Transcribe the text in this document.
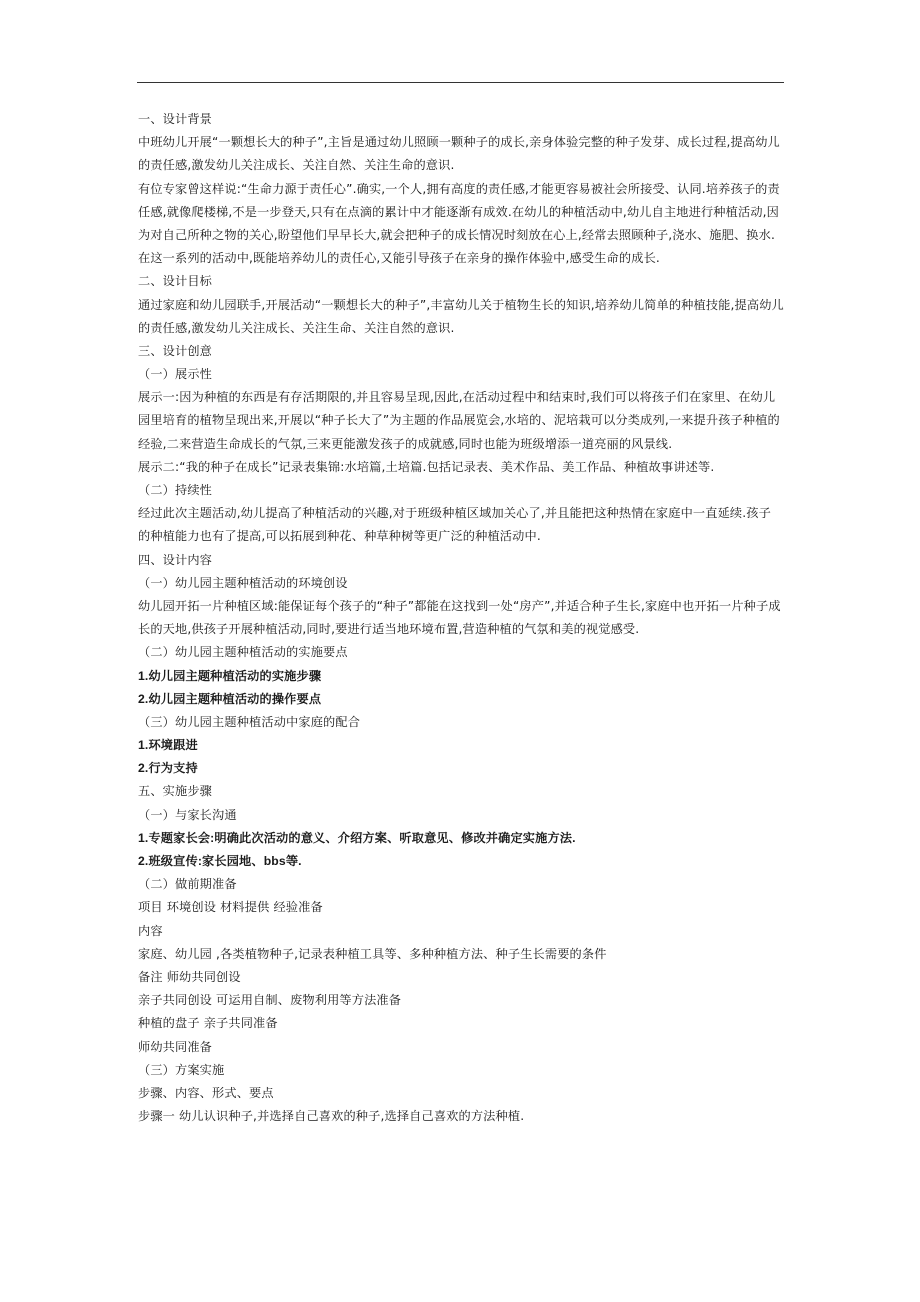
一、设计背景
中班幼儿开展“一颗想长大的种子”,主旨是通过幼儿照顾一颗种子的成长,亲身体验完整的种子发芽、成长过程,提高幼儿
的责任感,激发幼儿关注成长、关注自然、关注生命的意识.
有位专家曾这样说:“生命力源于责任心”.确实,一个人,拥有高度的责任感,才能更容易被社会所接受、认同.培养孩子的责
任感,就像爬楼梯,不是一步登天,只有在点滴的累计中才能逐渐有成效.在幼儿的种植活动中,幼儿自主地进行种植活动,因
为对自己所种之物的关心,盼望他们早早长大,就会把种子的成长情况时刻放在心上,经常去照顾种子,浇水、施肥、换水.
在这一系列的活动中,既能培养幼儿的责任心,又能引导孩子在亲身的操作体验中,感受生命的成长.
二、设计目标
通过家庭和幼儿园联手,开展活动“一颗想长大的种子”,丰富幼儿关于植物生长的知识,培养幼儿简单的种植技能,提高幼儿
的责任感,激发幼儿关注成长、关注生命、关注自然的意识.
三、设计创意
（一）展示性
展示一:因为种植的东西是有存活期限的,并且容易呈现,因此,在活动过程中和结束时,我们可以将孩子们在家里、在幼儿
园里培育的植物呈现出来,开展以“种子长大了”为主题的作品展览会,水培的、泥培栽可以分类成列,一来提升孩子种植的
经验,二来营造生命成长的气氛,三来更能激发孩子的成就感,同时也能为班级增添一道亮丽的风景线.
展示二:“我的种子在成长”记录表集锦:水培篇,土培篇.包括记录表、美术作品、美工作品、种植故事讲述等.
（二）持续性
经过此次主题活动,幼儿提高了种植活动的兴趣,对于班级种植区域加关心了,并且能把这种热情在家庭中一直延续.孩子
的种植能力也有了提高,可以拓展到种花、种草种树等更广泛的种植活动中.
四、设计内容
（一）幼儿园主题种植活动的环境创设
幼儿园开拓一片种植区域:能保证每个孩子的“种子”都能在这找到一处“房产”,并适合种子生长,家庭中也开拓一片种子成
长的天地,供孩子开展种植活动,同时,要进行适当地环境布置,营造种植的气氛和美的视觉感受.
（二）幼儿园主题种植活动的实施要点
1.幼儿园主题种植活动的实施步骤
2.幼儿园主题种植活动的操作要点
（三）幼儿园主题种植活动中家庭的配合
1.环境跟进
2.行为支持
五、实施步骤
（一）与家长沟通
1.专题家长会:明确此次活动的意义、介绍方案、听取意见、修改并确定实施方法.
2.班级宣传:家长园地、bbs等.
（二）做前期准备
项目 环境创设 材料提供 经验准备
内容
家庭、幼儿园 ,各类植物种子,记录表种植工具等、多种种植方法、种子生长需要的条件
备注 师幼共同创设
亲子共同创设 可运用自制、废物利用等方法准备
种植的盘子 亲子共同准备
师幼共同准备
（三）方案实施
步骤、内容、形式、要点
步骤一 幼儿认识种子,并选择自己喜欢的种子,选择自己喜欢的方法种植.
